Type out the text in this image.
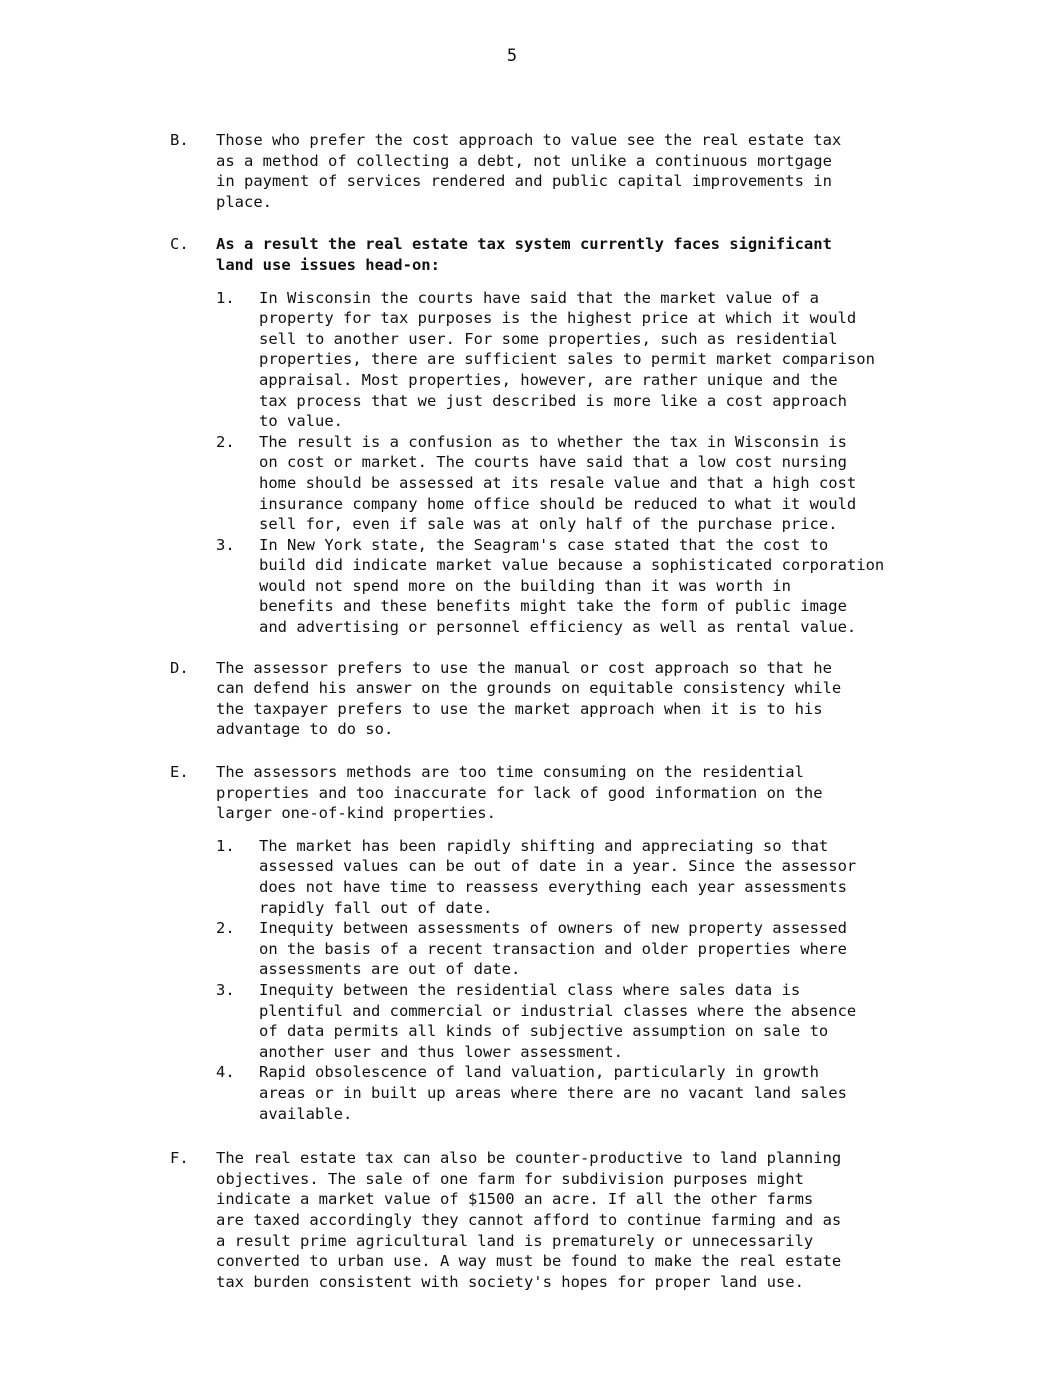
5
B.	Those who prefer the cost approach to value see the real estate tax
as a method of collecting a debt, not unlike a continuous mortgage
in payment of services rendered and public capital improvements in
place.
C.	As a result the real estate tax system currently faces significant
land use issues head-on:
1.	In Wisconsin the courts have said that the market value of a
property for tax purposes is the highest price at which it would
sell to another user. For some properties, such as residential
properties, there are sufficient sales to permit market comparison
appraisal. Most properties, however, are rather unique and the
tax process that we just described is more like a cost approach
to value.
2.	The result is a confusion as to whether the tax in Wisconsin is
on cost or market. The courts have said that a low cost nursing
home should be assessed at its resale value and that a high cost
insurance company home office should be reduced to what it would
sell for, even if sale was at only half of the purchase price.
3.	In New York state, the Seagram's case stated that the cost to
build did indicate market value because a sophisticated corporation
would not spend more on the building than it was worth in
benefits and these benefits might take the form of public image
and advertising or personnel efficiency as well as rental value.
D.	The assessor prefers to use the manual or cost approach so that he
can defend his answer on the grounds on equitable consistency while
the taxpayer prefers to use the market approach when it is to his
advantage to do so.
E.	The assessors methods are too time consuming on the residential
properties and too inaccurate for lack of good information on the
larger one-of-kind properties.
1.	The market has been rapidly shifting and appreciating so that
assessed values can be out of date in a year. Since the assessor
does not have time to reassess everything each year assessments
rapidly fall out of date.
2.	Inequity between assessments of owners of new property assessed
on the basis of a recent transaction and older properties where
assessments are out of date.
3.	Inequity between the residential class where sales data is
plentiful and commercial or industrial classes where the absence
of data permits all kinds of subjective assumption on sale to
another user and thus lower assessment.
4.	Rapid obsolescence of land valuation, particularly in growth
areas or in built up areas where there are no vacant land sales
available.
F.	The real estate tax can also be counter-productive to land planning
objectives. The sale of one farm for subdivision purposes might
indicate a market value of $1500 an acre. If all the other farms
are taxed accordingly they cannot afford to continue farming and as
a result prime agricultural land is prematurely or unnecessarily
converted to urban use. A way must be found to make the real estate
tax burden consistent with society's hopes for proper land use.
